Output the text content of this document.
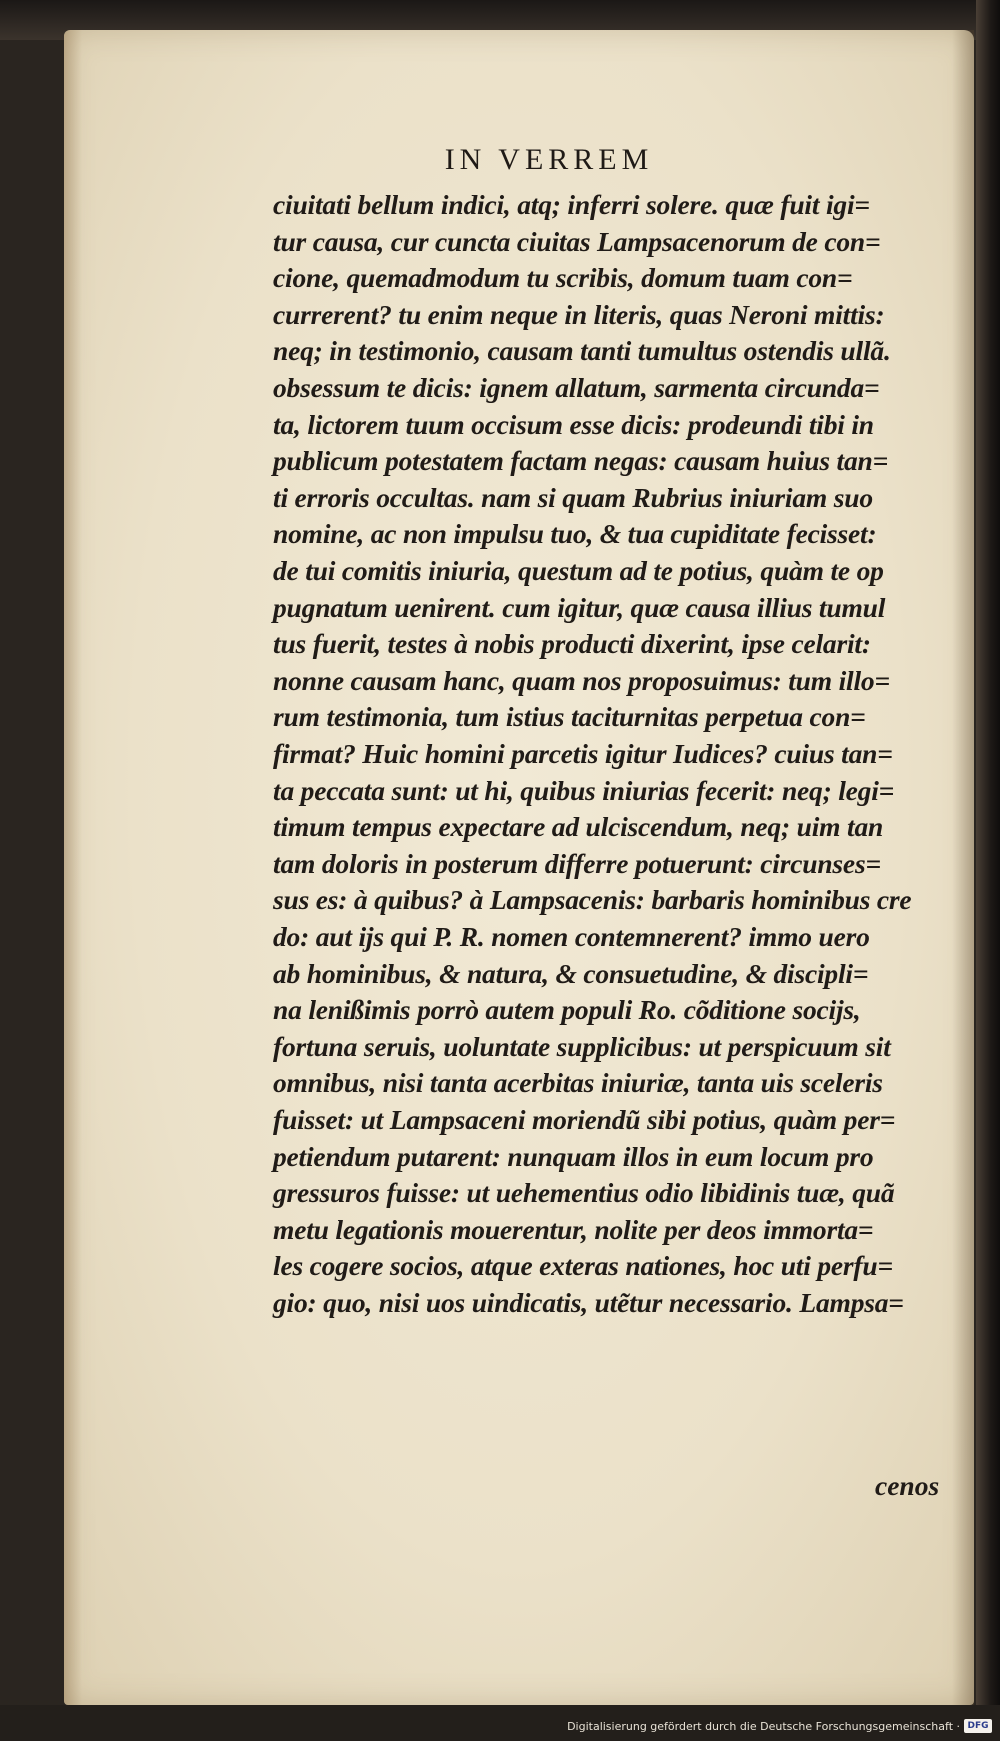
IN VERREM
ciuitati bellum indici, atq; inferri solere. quæ fuit igi=
tur causa, cur cuncta ciuitas Lampsacenorum de con=
cione, quemadmodum tu scribis, domum tuam con=
currerent? tu enim neque in literis, quas Neroni mittis:
neq; in testimonio, causam tanti tumultus ostendis ullã.
obsessum te dicis: ignem allatum, sarmenta circunda=
ta, lictorem tuum occisum esse dicis: prodeundi tibi in
publicum potestatem factam negas: causam huius tan=
ti erroris occultas. nam si quam Rubrius iniuriam suo
nomine, ac non impulsu tuo, & tua cupiditate fecisset:
de tui comitis iniuria, questum ad te potius, quàm te op
pugnatum uenirent. cum igitur, quæ causa illius tumul
tus fuerit, testes à nobis producti dixerint, ipse celarit:
nonne causam hanc, quam nos proposuimus: tum illo=
rum testimonia, tum istius taciturnitas perpetua con=
firmat? Huic homini parcetis igitur Iudices? cuius tan=
ta peccata sunt: ut hi, quibus iniurias fecerit: neq; legi=
timum tempus expectare ad ulciscendum, neq; uim tan
tam doloris in posterum differre potuerunt: circunses=
sus es: à quibus? à Lampsacenis: barbaris hominibus cre
do: aut ijs qui P. R. nomen contemnerent? immo uero
ab hominibus, & natura, & consuetudine, & discipli=
na lenißimis porrò autem populi Ro. cõditione socijs,
fortuna seruis, uoluntate supplicibus: ut perspicuum sit
omnibus, nisi tanta acerbitas iniuriæ, tanta uis sceleris
fuisset: ut Lampsaceni moriendũ sibi potius, quàm per=
petiendum putarent: nunquam illos in eum locum pro
gressuros fuisse: ut uehementius odio libidinis tuæ, quã
metu legationis mouerentur, nolite per deos immorta=
les cogere socios, atque exteras nationes, hoc uti perfu=
gio: quo, nisi uos uindicatis, utẽtur necessario. Lampsa=
cenos
Digitalisierung gefördert durch die Deutsche Forschungsgemeinschaft · DFG
